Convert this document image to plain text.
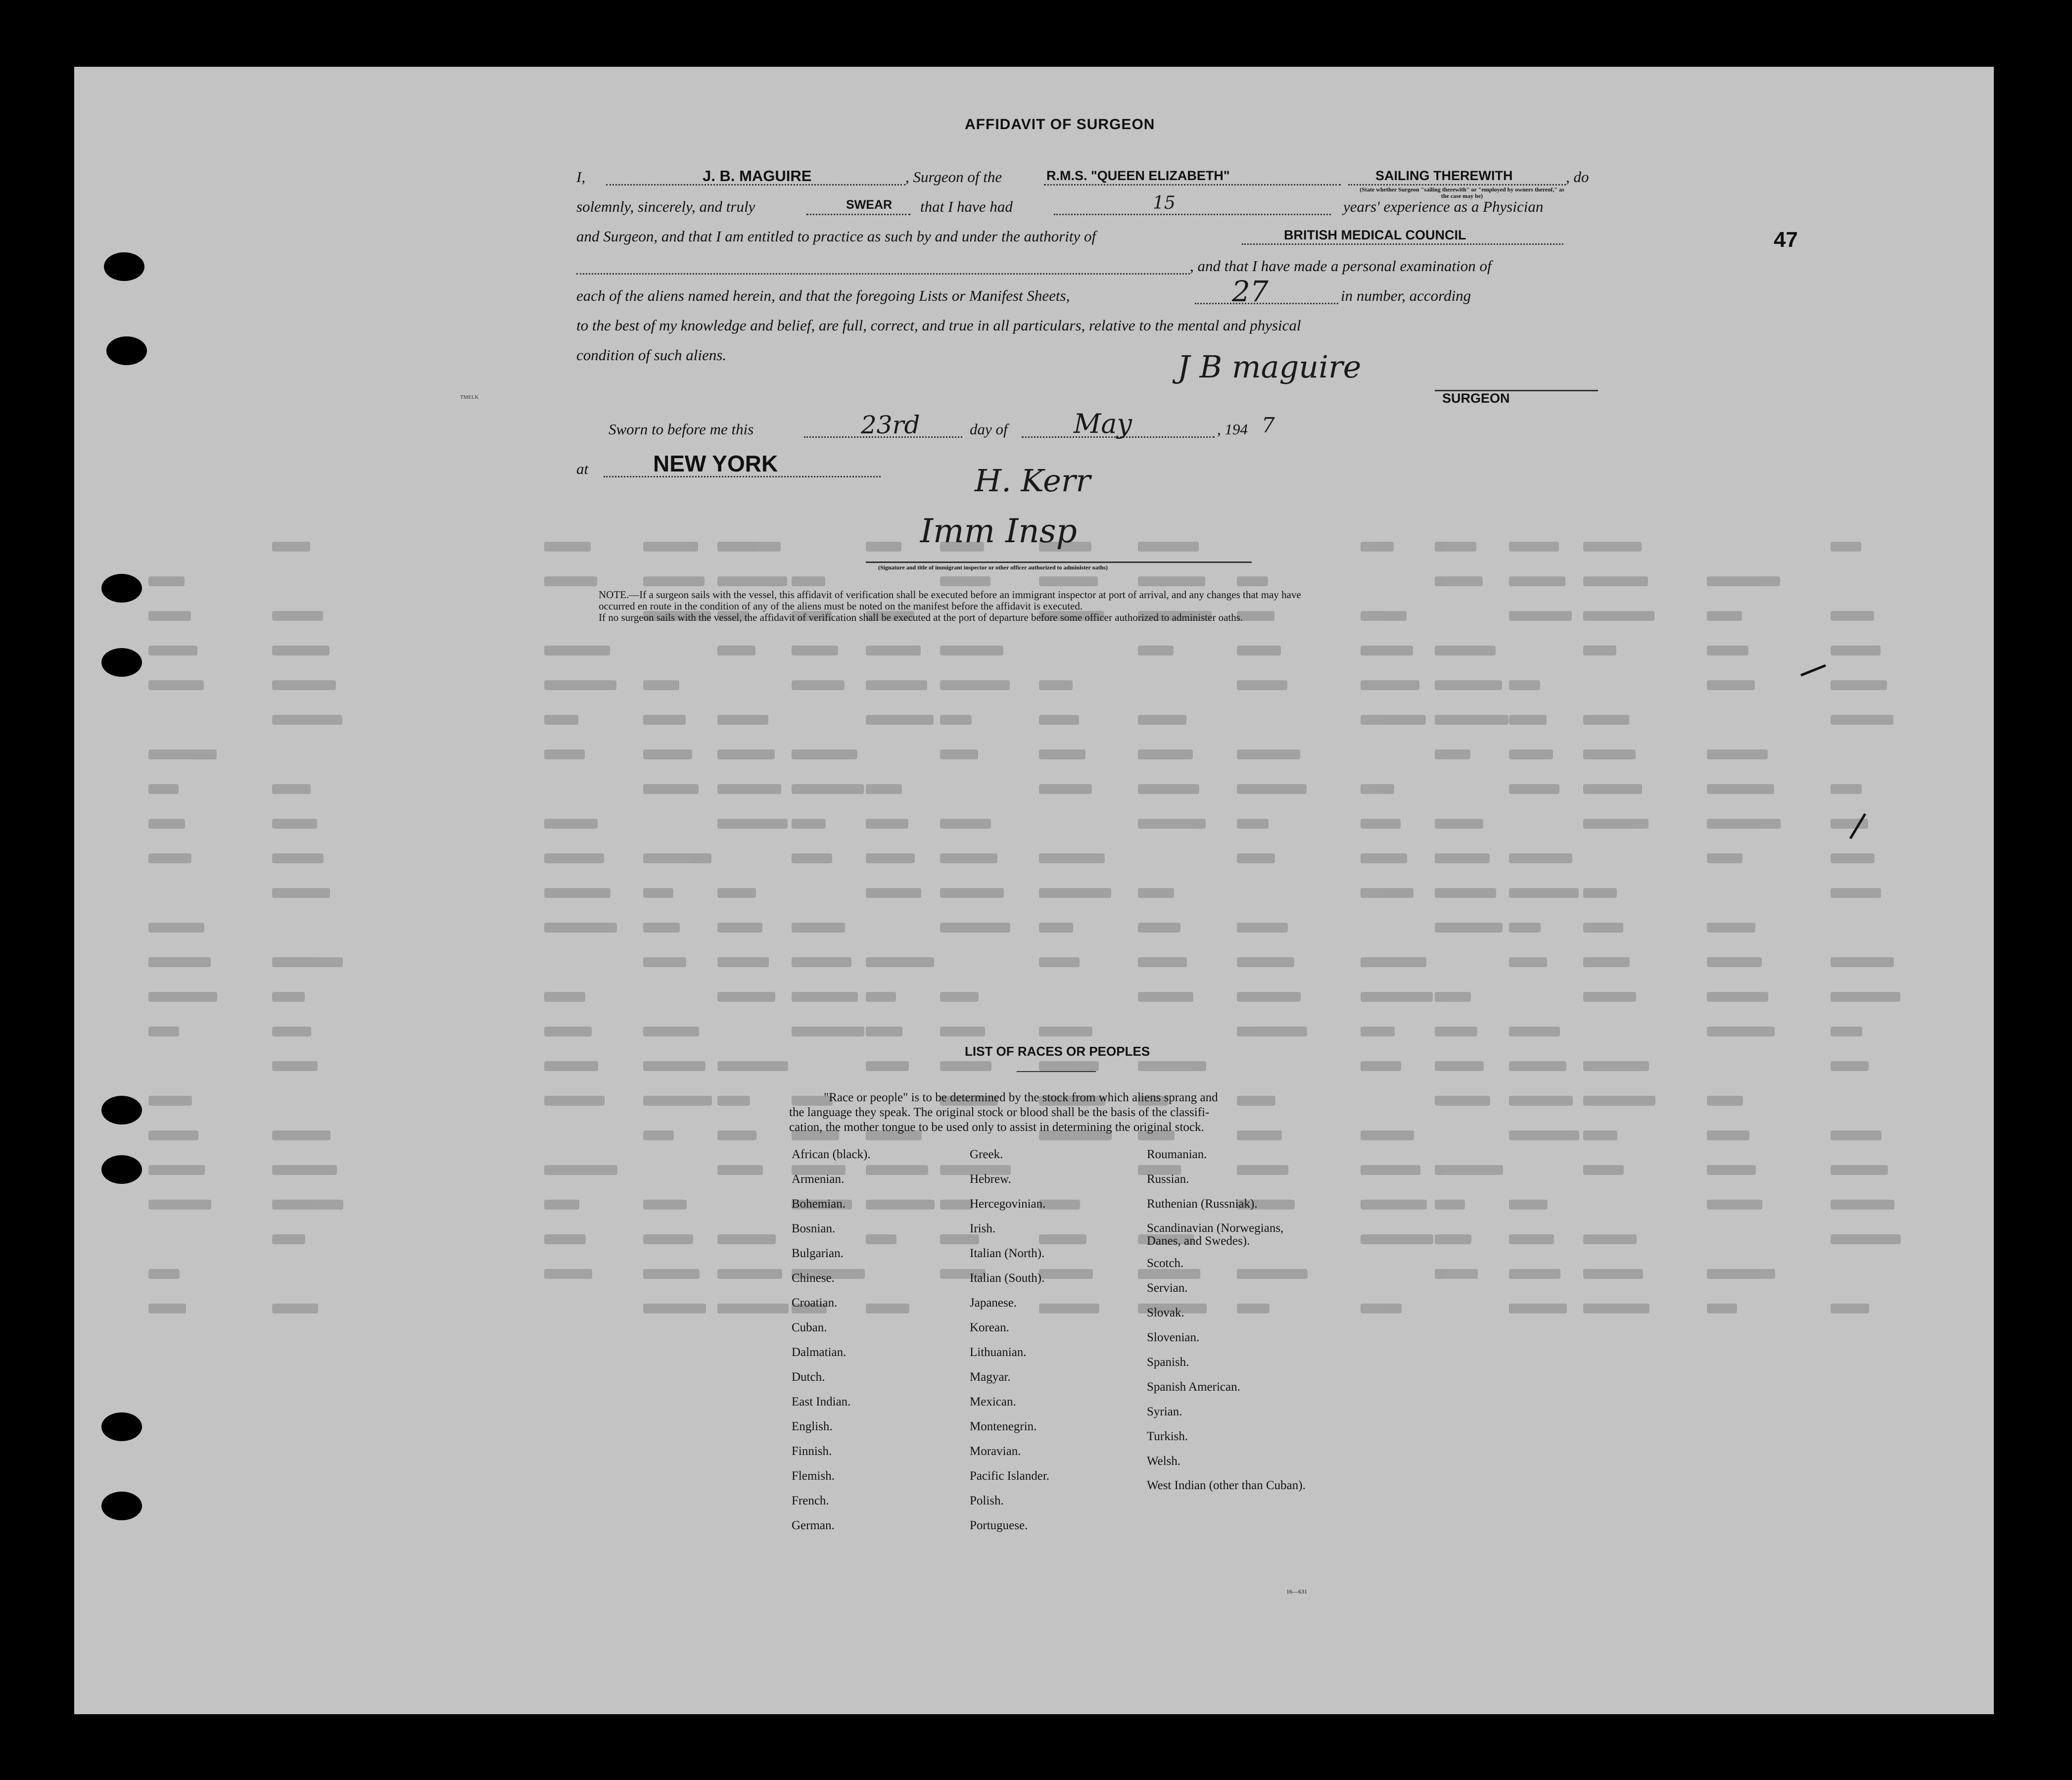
47
AFFIDAVIT OF SURGEON
I,	J. B. MAGUIRE	, Surgeon of the	R.M.S. "QUEEN ELIZABETH"	SAILING THEREWITH	, do
(State whether Surgeon "sailing therewith" or "employed by owners thereof," as the case may be)
solemnly, sincerely, and truly	SWEAR that I have had	15	years' experience as a Physician
and Surgeon, and that I am entitled to practice as such by and under the authority of	BRITISH MEDICAL COUNCIL
, and that I have made a personal examination of
each of the aliens named herein, and that the foregoing Lists or Manifest Sheets,	27	in number, according
to the best of my knowledge and belief, are full, correct, and true in all particulars, relative to the mental and physical
condition of such aliens.	J B maguire
SURGEON
ᵀᴹᴱᴸᴷ
Sworn to before me this	23rd	day of May	, 194 7
at	NEW YORK	H. Kerr
Imm Insp
(Signature and title of immigrant inspector or other officer authorized to administer oaths)
NOTE.—If a surgeon sails with the vessel, this affidavit of verification shall be executed before an immigrant inspector at port of arrival, and any changes that may have
occurred en route in the condition of any of the aliens must be noted on the manifest before the affidavit is executed.
If no surgeon sails with the vessel, the affidavit of verification shall be executed at the port of departure before some officer authorized to administer oaths.
LIST OF RACES OR PEOPLES
"Race or people" is to be determined by the stock from which aliens sprang and
the language they speak. The original stock or blood shall be the basis of the classifi-
cation, the mother tongue to be used only to assist in determining the original stock.
African (black).
Armenian.
Bohemian.
Bosnian.
Bulgarian.
Chinese.
Croatian.
Cuban.
Dalmatian.
Dutch.
East Indian.
English.
Finnish.
Flemish.
French.
German.
Greek.
Hebrew.
Hercegovinian.
Irish.
Italian (North).
Italian (South).
Japanese.
Korean.
Lithuanian.
Magyar.
Mexican.
Montenegrin.
Moravian.
Pacific Islander.
Polish.
Portuguese.
Roumanian.
Russian.
Ruthenian (Russniak).
Scandinavian (Norwegians, Danes, and Swedes).
Scotch.
Servian.
Slovak.
Slovenian.
Spanish.
Spanish American.
Syrian.
Turkish.
Welsh.
West Indian (other than Cuban).
16—631
